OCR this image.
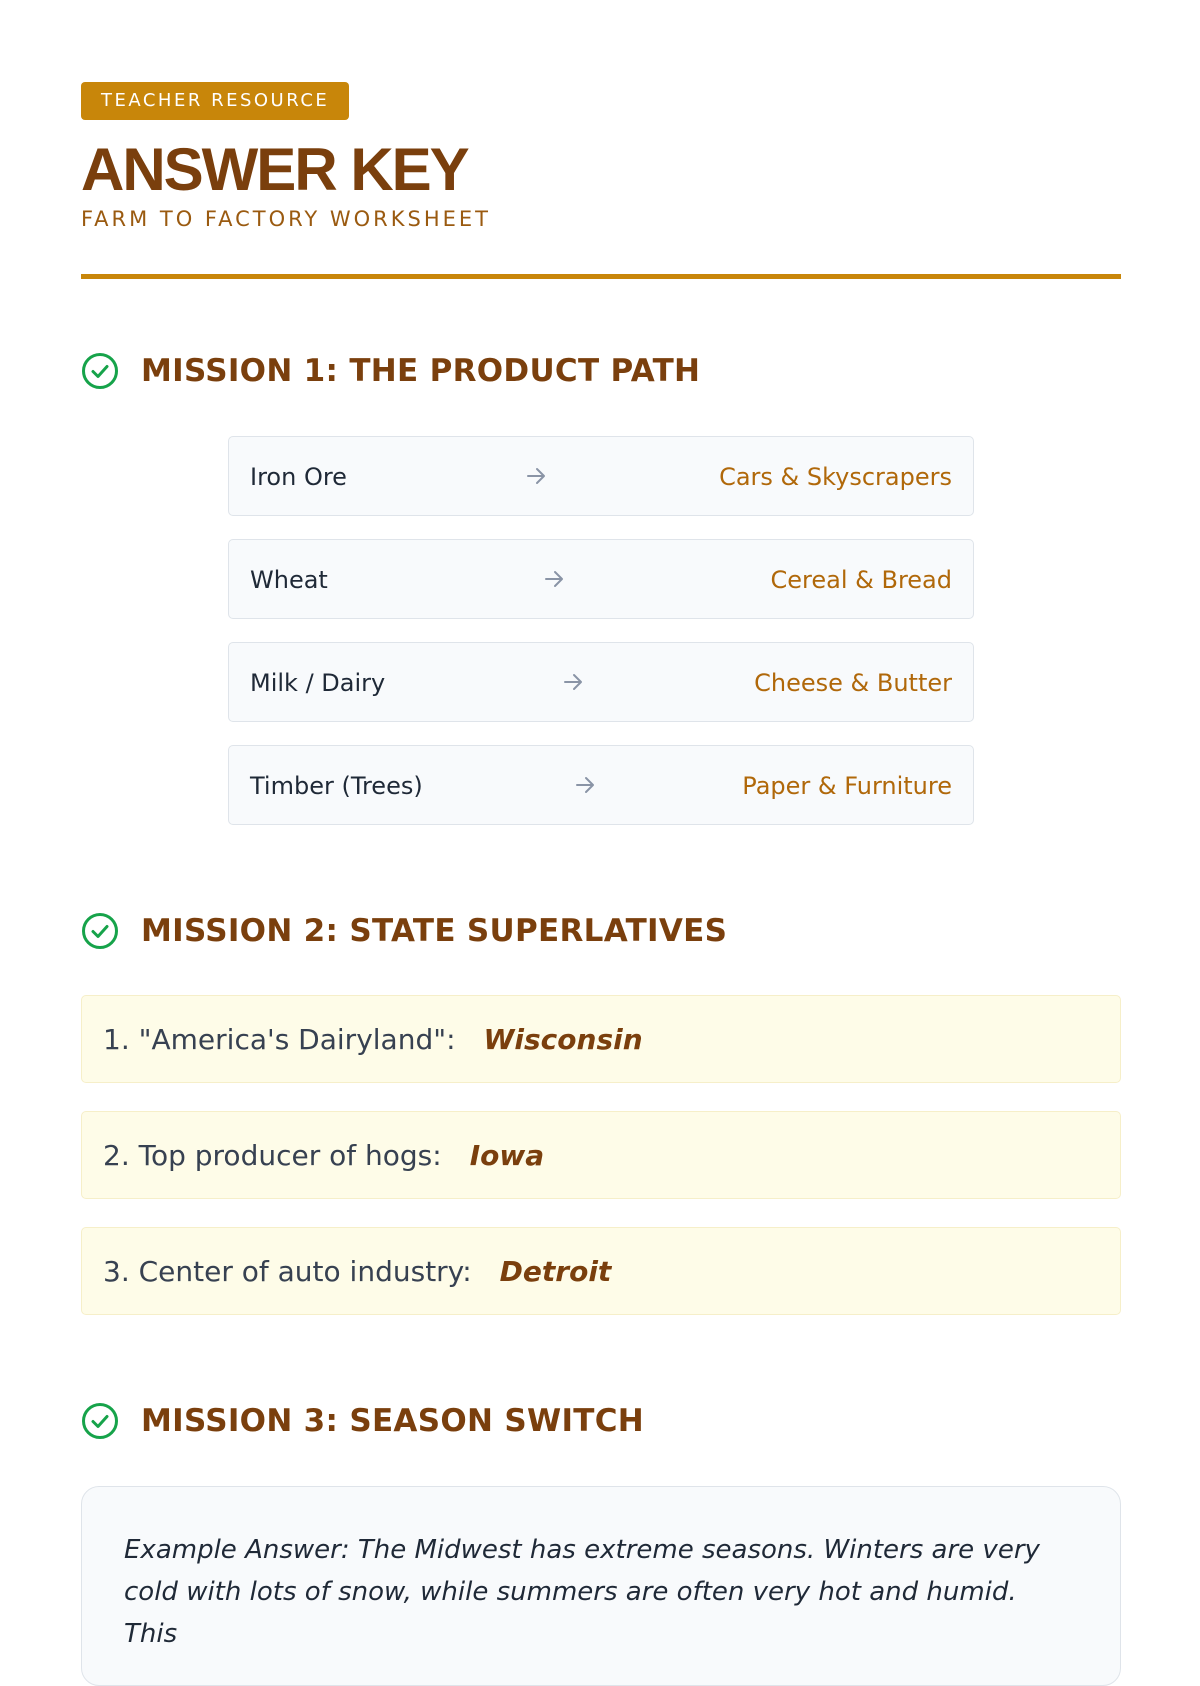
TEACHER RESOURCE
ANSWER KEY
FARM TO FACTORY WORKSHEET
MISSION 1: THE PRODUCT PATH
Iron Ore	Cars & Skyscrapers
Wheat	Cereal & Bread
Milk / Dairy	Cheese & Butter
Timber (Trees)	Paper & Furniture
MISSION 2: STATE SUPERLATIVES
1. "America's Dairyland": Wisconsin
2. Top producer of hogs: Iowa
3. Center of auto industry: Detroit
MISSION 3: SEASON SWITCH
Example Answer: The Midwest has extreme seasons. Winters are very cold with lots of snow, while summers are often very hot and humid. This
